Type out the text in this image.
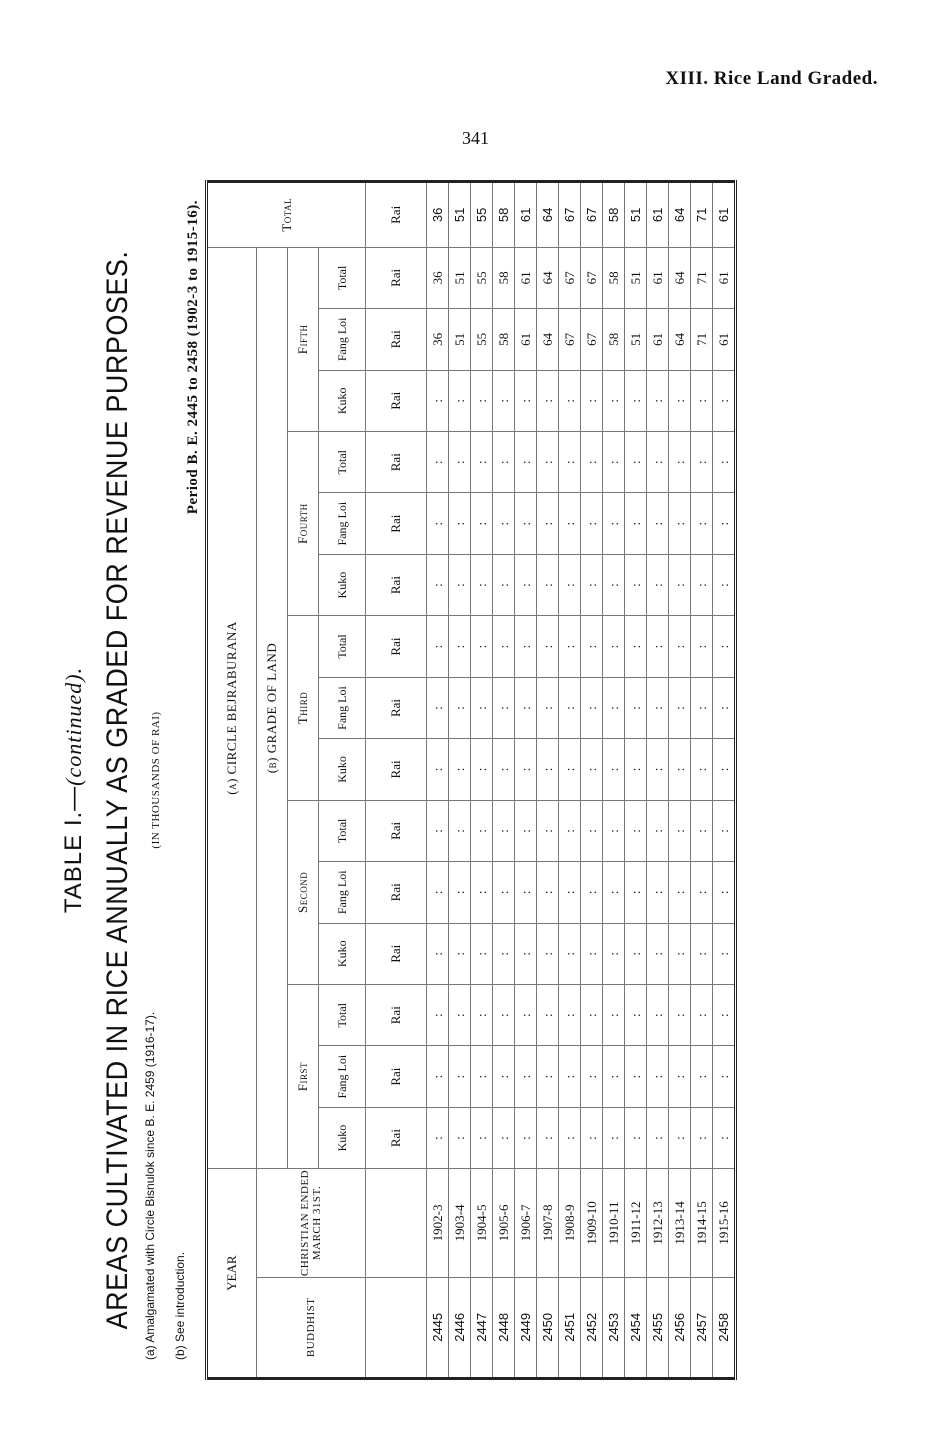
XIII. Rice Land Graded.
341
TABLE I.—(continued). AREAS CULTIVATED IN RICE ANNUALLY AS GRADED FOR REVENUE PURPOSES. (IN THOUSANDS OF RAI)
Period B. E. 2445 to 2458 (1902-3 to 1915-16).
YEAR		(a) CIRCLE BEJRABURANA															Total
BUDDHIST	CHRISTIAN ENDED MARCH 31ST.	(b) GRADE OF LAND															
		First			Second			Third			Fourth			Fifth			
		Kuko	Fang Loi	Total	Kuko	Fang Loi	Total	Kuko	Fang Loi	Total	Kuko	Fang Loi	Total	Kuko	Fang Loi	Total	
		Rai	Rai	Rai	Rai	Rai	Rai	Rai	Rai	Rai	Rai	Rai	Rai	Rai	Rai	Rai	Rai
2445	1902-3	:	:	:	:	:	:	:	:	:	:	:	:	:	36	36	36
2446	1903-4	:	:	:	:	:	:	:	:	:	:	:	:	:	51	51	51
2447	1904-5	:	:	:	:	:	:	:	:	:	:	:	:	:	55	55	55
2448	1905-6	:	:	:	:	:	:	:	:	:	:	:	:	:	58	58	58
2449	1906-7	:	:	:	:	:	:	:	:	:	:	:	:	:	61	61	61
2450	1907-8	:	:	:	:	:	:	:	:	:	:	:	:	:	64	64	64
2451	1908-9	:	:	:	:	:	:	:	:	:	:	:	:	:	67	67	67
2452	1909-10	:	:	:	:	:	:	:	:	:	:	:	:	:	67	67	67
2453	1910-11	:	:	:	:	:	:	:	:	:	:	:	:	:	58	58	58
2454	1911-12	:	:	:	:	:	:	:	:	:	:	:	:	:	51	51	51
2455	1912-13	:	:	:	:	:	:	:	:	:	:	:	:	:	61	61	61
2456	1913-14	:	:	:	:	:	:	:	:	:	:	:	:	:	64	64	64
2457	1914-15	:	:	:	:	:	:	:	:	:	:	:	:	:	71	71	71
2458	1915-16	:	:	:	:	:	:	:	:	:	:	:	:	:	61	61	61
(a) Amalgamated with Circle Bisnulok since B. E. 2459 (1916-17). (b) See introduction.
